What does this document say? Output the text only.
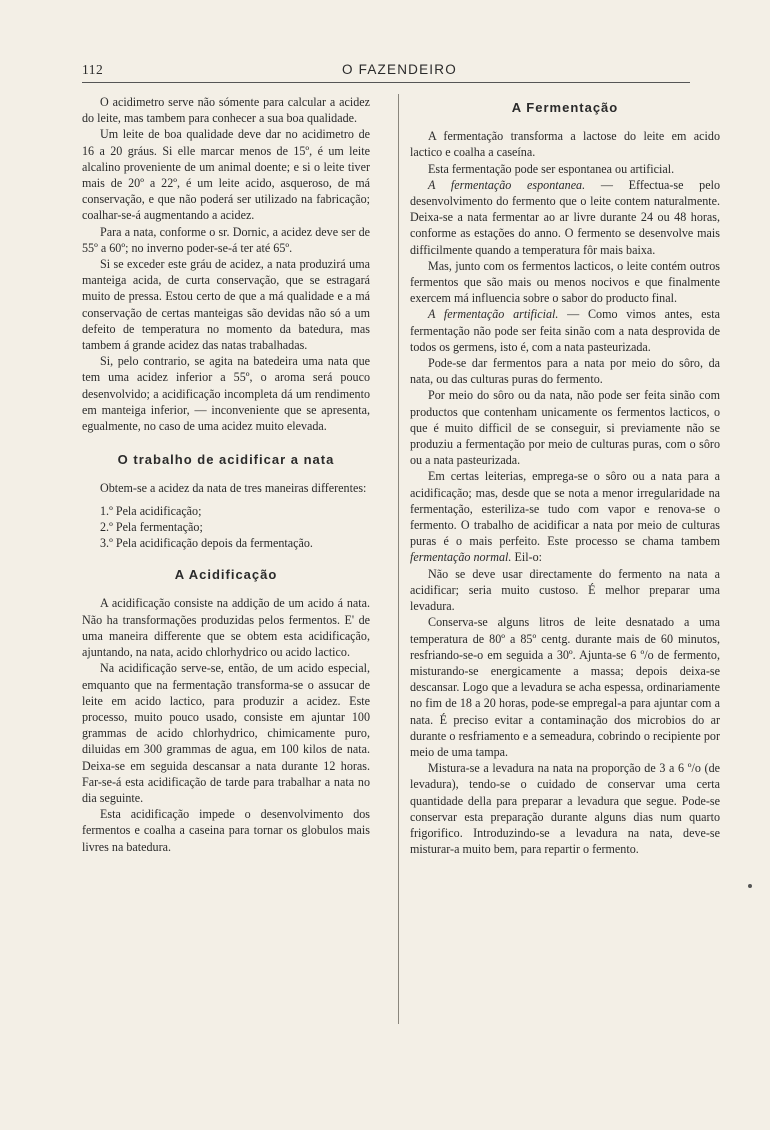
112	O FAZENDEIRO

O acidimetro serve não sómente para calcular a acidez do leite, mas tambem para conhecer a sua boa qualidade.

Um leite de boa qualidade deve dar no acidimetro de 16 a 20 gráus. Si elle marcar menos de 15º, é um leite alcalino proveniente de um animal doente; e si o leite tiver mais de 20º a 22º, é um leite acido, asqueroso, de má conservação, e que não poderá ser utilizado na fabricação; coalhar-se-á augmentando a acidez.

Para a nata, conforme o sr. Dornic, a acidez deve ser de 55º a 60º; no inverno poder-se-á ter até 65º.

Si se exceder este gráu de acidez, a nata produzirá uma manteiga acida, de curta conservação, que se estragará muito de pressa. Estou certo de que a má qualidade e a má conservação de certas manteigas são devidas não só a um defeito de temperatura no momento da batedura, mas tambem á grande acidez das natas trabalhadas.

Si, pelo contrario, se agita na batedeira uma nata que tem uma acidez inferior a 55º, o aroma será pouco desenvolvido; a acidificação incompleta dá um rendimento em manteiga inferior, — inconveniente que se apresenta, egualmente, no caso de uma acidez muito elevada.

O trabalho de acidificar a nata

Obtem-se a acidez da nata de tres maneiras differentes:

1.º Pela acidificação;
2.º Pela fermentação;
3.º Pela acidificação depois da fermentação.
A Acidificação

A acidificação consiste na addição de um acido á nata. Não ha transformações produzidas pelos fermentos. E' de uma maneira differente que se obtem esta acidificação, ajuntando, na nata, acido chlorhydrico ou acido lactico.

Na acidificação serve-se, então, de um acido especial, emquanto que na fermentação transforma-se o assucar de leite em acido lactico, para produzir a acidez. Este processo, muito pouco usado, consiste em ajuntar 100 grammas de acido chlorhydrico, chimicamente puro, diluidas em 300 grammas de agua, em 100 kilos de nata. Deixa-se em seguida descansar a nata durante 12 horas. Far-se-á esta acidificação de tarde para trabalhar a nata no dia seguinte.

Esta acidificação impede o desenvolvimento dos fermentos e coalha a caseina para tornar os globulos mais livres na batedura.

A Fermentação

A fermentação transforma a lactose do leite em acido lactico e coalha a caseína.

Esta fermentação pode ser espontanea ou artificial.

A fermentação espontanea. — Effectua-se pelo desenvolvimento do fermento que o leite contem naturalmente. Deixa-se a nata fermentar ao ar livre durante 24 ou 48 horas, conforme as estações do anno. O fermento se desenvolve mais difficilmente quando a temperatura fôr mais baixa.

Mas, junto com os fermentos lacticos, o leite contém outros fermentos que são mais ou menos nocivos e que finalmente exercem má influencia sobre o sabor do producto final.

A fermentação artificial. — Como vimos antes, esta fermentação não pode ser feita sinão com a nata desprovida de todos os germens, isto é, com a nata pasteurizada.

Pode-se dar fermentos para a nata por meio do sôro, da nata, ou das culturas puras do fermento.

Por meio do sôro ou da nata, não pode ser feita sinão com productos que contenham unicamente os fermentos lacticos, o que é muito difficil de se conseguir, si previamente não se produziu a fermentação por meio de culturas puras, com o sôro ou a nata pasteurizada.

Em certas leiterias, emprega-se o sôro ou a nata para a acidificação; mas, desde que se nota a menor irregularidade na fermentação, esteriliza-se tudo com vapor e renova-se o fermento. O trabalho de acidificar a nata por meio de culturas puras é o mais perfeito. Este processo se chama tambem fermentação normal. Eil-o:

Não se deve usar directamente do fermento na nata a acidificar; seria muito custoso. É melhor preparar uma levadura.

Conserva-se alguns litros de leite desnatado a uma temperatura de 80º a 85º centg. durante mais de 60 minutos, resfriando-se-o em seguida a 30º. Ajunta-se 6 º/o de fermento, misturando-se energicamente a massa; depois deixa-se descansar. Logo que a levadura se acha espessa, ordinariamente no fim de 18 a 20 horas, pode-se empregal-a para ajuntar com a nata. É preciso evitar a contaminação dos microbios do ar durante o resfriamento e a semeadura, cobrindo o recipiente por meio de uma tampa.

Mistura-se a levadura na nata na proporção de 3 a 6 º/o (de levadura), tendo-se o cuidado de conservar uma certa quantidade della para preparar a levadura que segue. Pode-se conservar esta preparação durante alguns dias num quarto frigorifico. Introduzindo-se a levadura na nata, deve-se misturar-a muito bem, para repartir o fermento.
